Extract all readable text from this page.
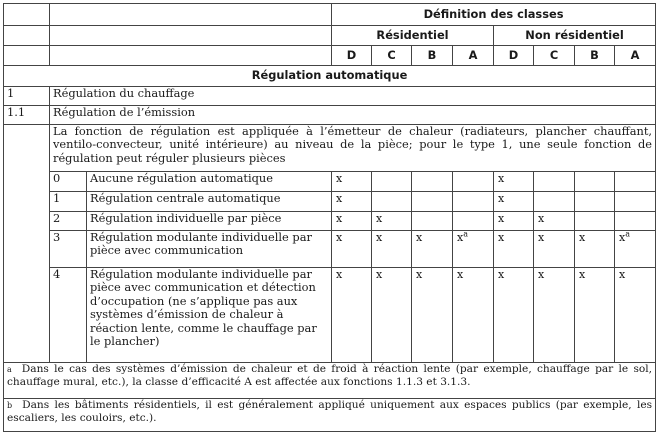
			Définition des classes							
			Résidentiel				Non résidentiel			
			D	C	B	A	D	C	B	A
Régulation automatique										
1	Régulation du chauffage									
1.1	Régulation de l’émission									
	La fonction de régulation est appliquée à l’émetteur de chaleur (radiateurs, plancher chauffant, ventilo-convecteur, unité intérieure) au niveau de la pièce; pour le type 1, une seule fonction de régulation peut réguler plusieurs pièces									
	0	Aucune régulation automatique	x				x			
	1	Régulation centrale automatique	x				x			
	2	Régulation individuelle par pièce	x	x			x	x		
	3	Régulation modulante individuelle par pièce avec communication	x	x	x	$x^a$	x	x	x	$x^a$
	4	Régulation modulante individuelle par pièce avec communication et détection d’occupation (ne s’applique pas aux systèmes d’émission de chaleur à réaction lente, comme le chauffage par le plancher)	x	x	x	x	x	x	x	x
$^a$ Dans le cas des systèmes d’émission de chaleur et de froid à réaction lente (par exemple, chauffage par le sol, chauffage mural, etc.), la classe d’efficacité A est affectée aux fonctions 1.1.3 et 3.1.3.										
$^b$ Dans les bâtiments résidentiels, il est généralement appliqué uniquement aux espaces publics (par exemple, les escaliers, les couloirs, etc.).										
